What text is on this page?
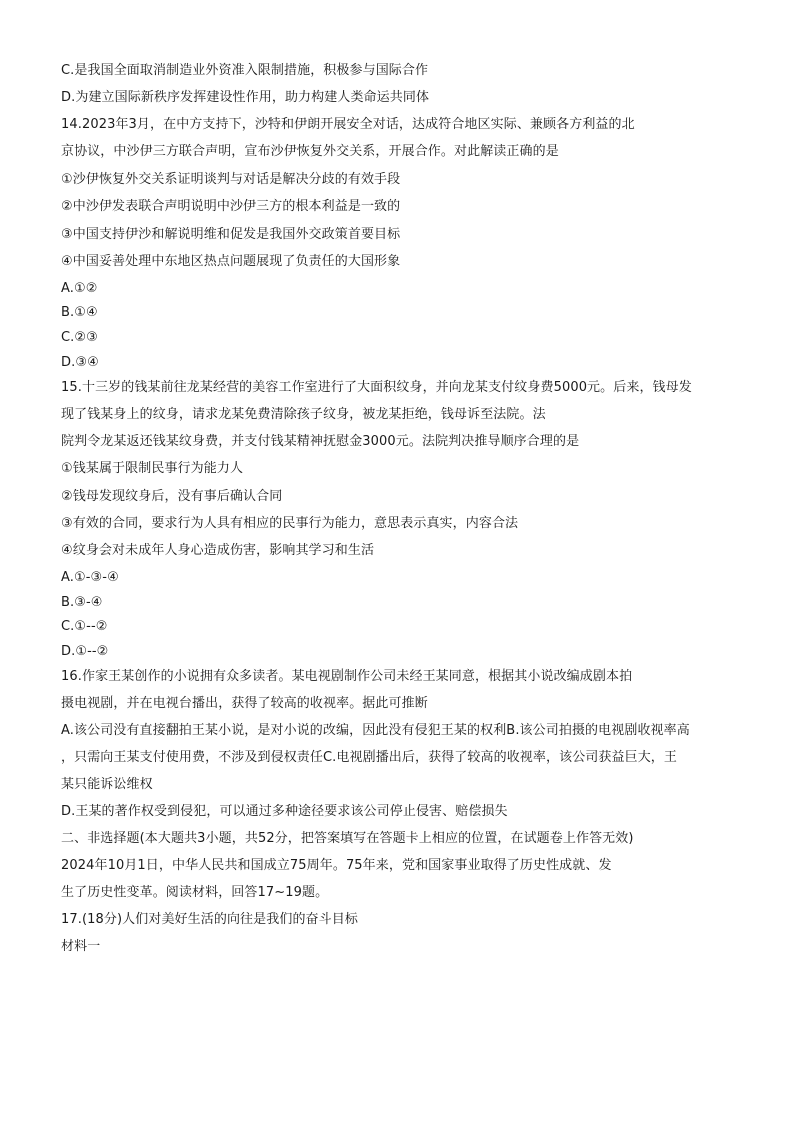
C.是我国全面取消制造业外资准入限制措施，积极参与国际合作
D.为建立国际新秩序发挥建设性作用，助力构建人类命运共同体
14.2023年3月，在中方支持下，沙特和伊朗开展安全对话，达成符合地区实际、兼顾各方利益的北
京协议，中沙伊三方联合声明，宣布沙伊恢复外交关系，开展合作。对此解读正确的是
①沙伊恢复外交关系证明谈判与对话是解决分歧的有效手段
②中沙伊发表联合声明说明中沙伊三方的根本利益是一致的
③中国支持伊沙和解说明维和促发是我国外交政策首要目标
④中国妥善处理中东地区热点问题展现了负责任的大国形象
A.①②
B.①④
C.②③
D.③④
15.十三岁的钱某前往龙某经营的美容工作室进行了大面积纹身，并向龙某支付纹身费5000元。后来，钱母发
现了钱某身上的纹身，请求龙某免费清除孩子纹身，被龙某拒绝，钱母诉至法院。法
院判令龙某返还钱某纹身费，并支付钱某精神抚慰金3000元。法院判决推导顺序合理的是
①钱某属于限制民事行为能力人
②钱母发现纹身后，没有事后确认合同
③有效的合同，要求行为人具有相应的民事行为能力，意思表示真实，内容合法
④纹身会对未成年人身心造成伤害，影响其学习和生活
A.①-③-④
B.③-④
C.①--②
D.①--②
16.作家王某创作的小说拥有众多读者。某电视剧制作公司未经王某同意，根据其小说改编成剧本拍
摄电视剧，并在电视台播出，获得了较高的收视率。据此可推断
A.该公司没有直接翻拍王某小说，是对小说的改编，因此没有侵犯王某的权利B.该公司拍摄的电视剧收视率高
，只需向王某支付使用费，不涉及到侵权责任C.电视剧播出后，获得了较高的收视率，该公司获益巨大，王
某只能诉讼维权
D.王某的著作权受到侵犯，可以通过多种途径要求该公司停止侵害、赔偿损失
二、非选择题(本大题共3小题，共52分，把答案填写在答题卡上相应的位置，在试题卷上作答无效)
2024年10月1日，中华人民共和国成立75周年。75年来，党和国家事业取得了历史性成就、发
生了历史性变革。阅读材料，回答17~19题。
17.(18分)人们对美好生活的向往是我们的奋斗目标
材料一
